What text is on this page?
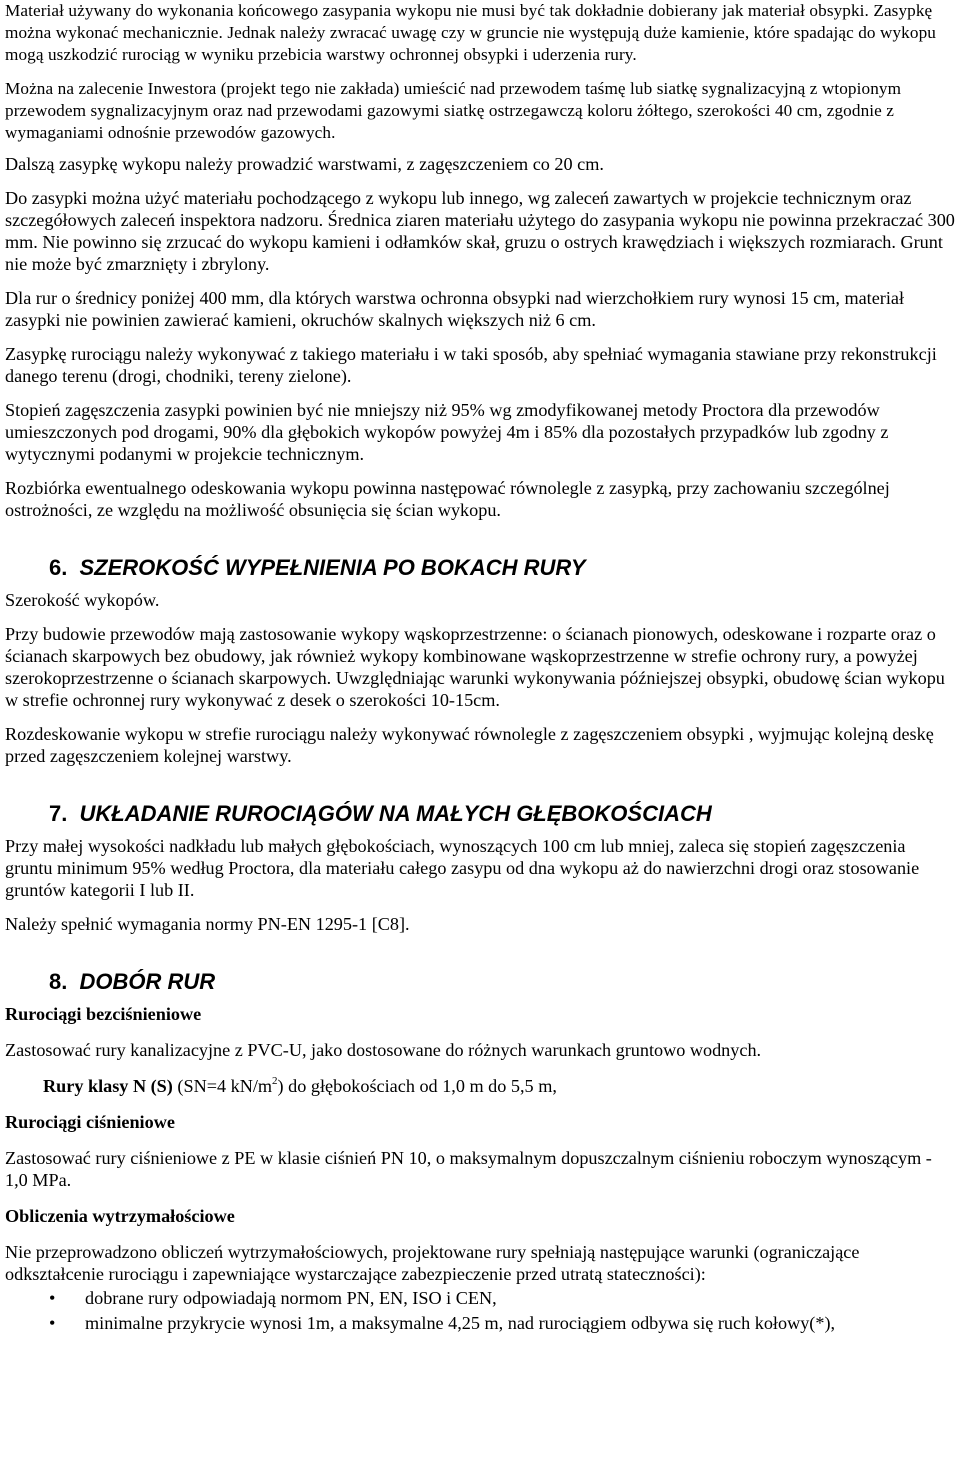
Materiał używany do wykonania końcowego zasypania wykopu nie musi być tak dokładnie dobierany jak materiał obsypki. Zasypkę można wykonać mechanicznie. Jednak należy zwracać uwagę czy w gruncie nie występują duże kamienie, które spadając do wykopu mogą uszkodzić rurociąg w wyniku przebicia warstwy ochronnej obsypki i uderzenia rury.

Można na zalecenie Inwestora (projekt tego nie zakłada) umieścić nad przewodem taśmę lub siatkę sygnalizacyjną z wtopionym przewodem sygnalizacyjnym oraz nad przewodami gazowymi siatkę ostrzegawczą koloru żółtego, szerokości 40 cm, zgodnie z wymaganiami odnośnie przewodów gazowych.

Dalszą zasypkę wykopu należy prowadzić warstwami, z zagęszczeniem co 20 cm.

Do zasypki można użyć materiału pochodzącego z wykopu lub innego, wg zaleceń zawartych w projekcie technicznym oraz szczegółowych zaleceń inspektora nadzoru. Średnica ziaren materiału użytego do zasypania wykopu nie powinna przekraczać 300 mm. Nie powinno się zrzucać do wykopu kamieni i odłamków skał, gruzu o ostrych krawędziach i większych rozmiarach. Grunt nie może być zmarznięty i zbrylony.

Dla rur o średnicy poniżej 400 mm, dla których warstwa ochronna obsypki nad wierzchołkiem rury wynosi 15 cm, materiał zasypki nie powinien zawierać kamieni, okruchów skalnych większych niż 6 cm.

Zasypkę rurociągu należy wykonywać z takiego materiału i w taki sposób, aby spełniać wymagania stawiane przy rekonstrukcji danego terenu (drogi, chodniki, tereny zielone).

Stopień zagęszczenia zasypki powinien być nie mniejszy niż 95% wg zmodyfikowanej metody Proctora dla przewodów umieszczonych pod drogami, 90% dla głębokich wykopów powyżej 4m i 85% dla pozostałych przypadków lub zgodny z wytycznymi podanymi w projekcie technicznym.

Rozbiórka ewentualnego odeskowania wykopu powinna następować równolegle z zasypką, przy zachowaniu szczególnej ostrożności, ze względu na możliwość obsunięcia się ścian wykopu.

6. SZEROKOŚĆ WYPEŁNIENIA PO BOKACH RURY

Szerokość wykopów.

Przy budowie przewodów mają zastosowanie wykopy wąskoprzestrzenne: o ścianach pionowych, odeskowane i rozparte oraz o ścianach skarpowych bez obudowy, jak również wykopy kombinowane wąskoprzestrzenne w strefie ochrony rury, a powyżej szerokoprzestrzenne o ścianach skarpowych. Uwzględniając warunki wykonywania późniejszej obsypki, obudowę ścian wykopu w strefie ochronnej rury wykonywać z desek o szerokości 10-15cm.

Rozdeskowanie wykopu w strefie rurociągu należy wykonywać równolegle z zagęszczeniem obsypki , wyjmując kolejną deskę przed zagęszczeniem kolejnej warstwy.

7. UKŁADANIE RUROCIĄGÓW NA MAŁYCH GŁĘBOKOŚCIACH

Przy małej wysokości nadkładu lub małych głębokościach, wynoszących 100 cm lub mniej, zaleca się stopień zagęszczenia gruntu minimum 95% według Proctora, dla materiału całego zasypu od dna wykopu aż do nawierzchni drogi oraz stosowanie gruntów kategorii I lub II.

Należy spełnić wymagania normy PN-EN 1295-1 [C8].

8. DOBÓR RUR

Rurociągi bezciśnieniowe

Zastosować rury kanalizacyjne z PVC-U, jako dostosowane do różnych warunkach gruntowo wodnych.

Rury klasy N (S) (SN=4 $kN/m^2$) do głębokościach od 1,0 m do 5,5 m,

Rurociągi ciśnieniowe

Zastosować rury ciśnieniowe z PE w klasie ciśnień PN 10, o maksymalnym dopuszczalnym ciśnieniu roboczym wynoszącym - 1,0 MPa.

Obliczenia wytrzymałościowe

Nie przeprowadzono obliczeń wytrzymałościowych, projektowane rury spełniają następujące warunki (ograniczające odkształcenie rurociągu i zapewniające wystarczające zabezpieczenie przed utratą stateczności):

• dobrane rury odpowiadają normom PN, EN, ISO i CEN,
• minimalne przykrycie wynosi 1m, a maksymalne 4,25 m, nad rurociągiem odbywa się ruch kołowy(*),
